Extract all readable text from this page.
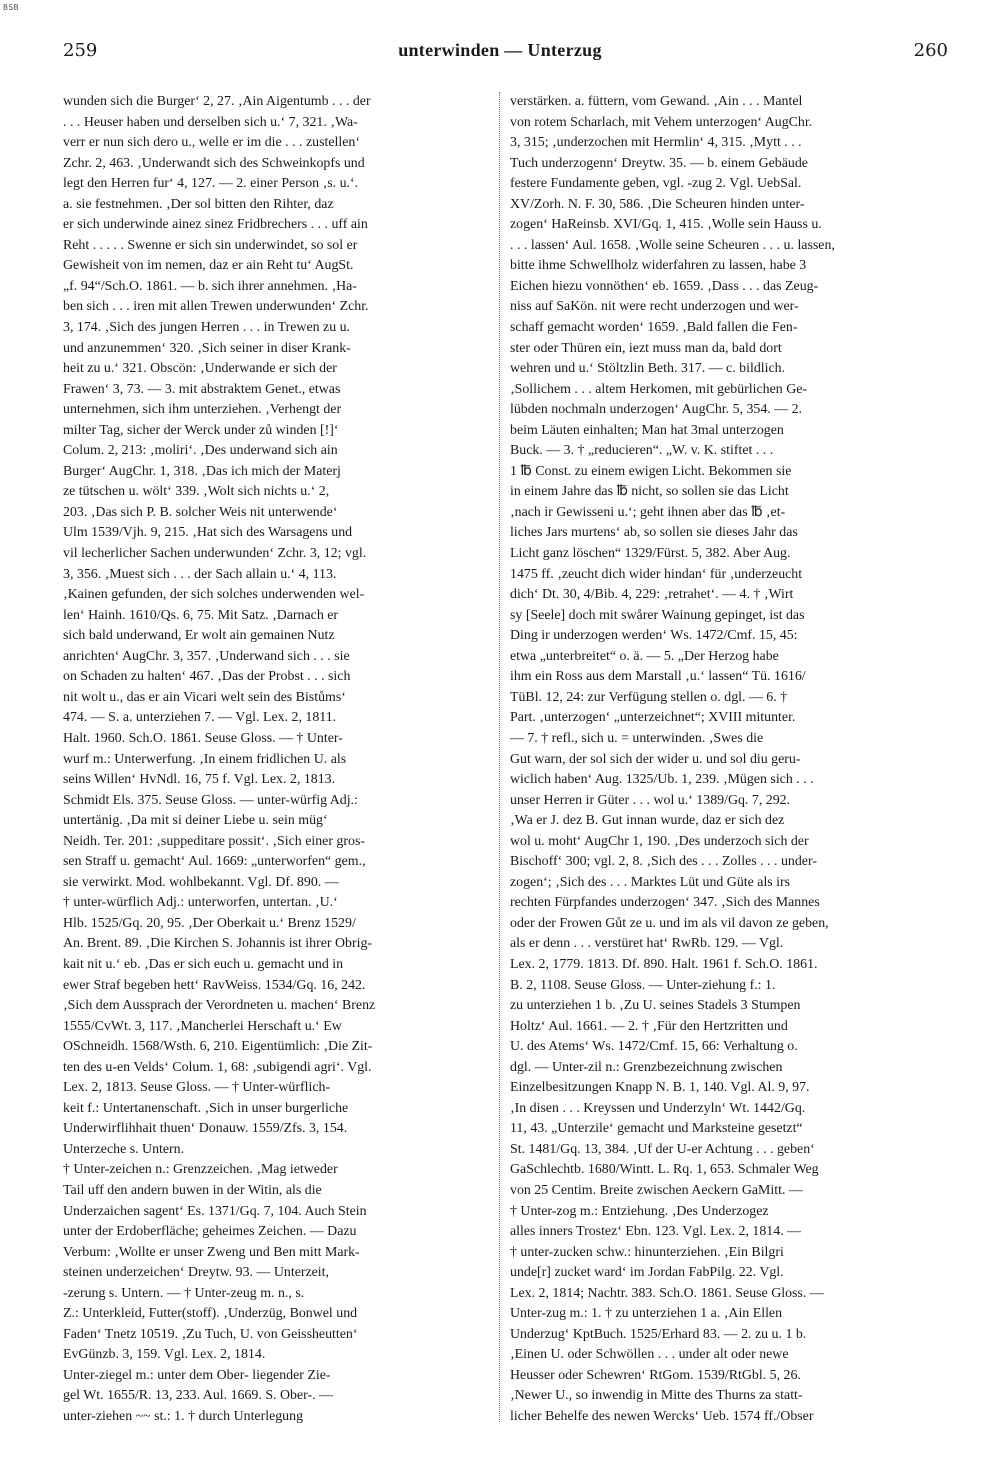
BSB
259	unterwinden — Unterzug	260
wunden sich die Burger‘ 2, 27. ‚Ain Aigentumb . . . der
. . . Heuser haben und derselben sich u.‘ 7, 321. ‚Wa-
verr er nun sich dero u., welle er im die . . . zustellen‘
Zchr. 2, 463. ‚Underwandt sich des Schweinkopfs und
legt den Herren fur‘ 4, 127. — 2. einer Person ‚s. u.‘.
a. sie festnehmen. ‚Der sol bitten den Rihter, daz
er sich underwinde ainez sinez Fridbrechers . . . uff ain
Reht . . . . . Swenne er sich sin underwindet, so sol er
Gewisheit von im nemen, daz er ain Reht tu‘ AugSt.
„f. 94“/Sch.O. 1861. — b. sich ihrer annehmen. ‚Ha-
ben sich . . . iren mit allen Trewen underwunden‘ Zchr.
3, 174. ‚Sich des jungen Herren . . . in Trewen zu u.
und anzunemmen‘ 320. ‚Sich seiner in diser Krank-
heit zu u.‘ 321. Obscön: ‚Underwande er sich der
Frawen‘ 3, 73. — 3. mit abstraktem Genet., etwas
unternehmen, sich ihm unterziehen. ‚Verhengt der
milter Tag, sicher der Werck under zů winden [!]‘
Colum. 2, 213: ‚moliri‘. ‚Des underwand sich ain
Burger‘ AugChr. 1, 318. ‚Das ich mich der Materj
ze tütschen u. wölt‘ 339. ‚Wolt sich nichts u.‘ 2,
203. ‚Das sich P. B. solcher Weis nit unterwende‘
Ulm 1539/Vjh. 9, 215. ‚Hat sich des Warsagens und
vil lecherlicher Sachen underwunden‘ Zchr. 3, 12; vgl.
3, 356. ‚Muest sich . . . der Sach allain u.‘ 4, 113.
‚Kainen gefunden, der sich solches underwenden wel-
len‘ Hainh. 1610/Qs. 6, 75. Mit Satz. ‚Darnach er
sich bald underwand, Er wolt ain gemainen Nutz
anrichten‘ AugChr. 3, 357. ‚Underwand sich . . . sie
on Schaden zu halten‘ 467. ‚Das der Probst . . . sich
nit wolt u., das er ain Vicari welt sein des Bistůms‘
474. — S. a. unterziehen 7. — Vgl. Lex. 2, 1811.
Halt. 1960. Sch.O. 1861. Seuse Gloss. — † Unter-
wurf m.: Unterwerfung. ‚In einem fridlichen U. als
seins Willen‘ HvNdl. 16, 75 f. Vgl. Lex. 2, 1813.
Schmidt Els. 375. Seuse Gloss. — unter-würfig Adj.:
untertänig. ‚Da mit si deiner Liebe u. sein müg‘
Neidh. Ter. 201: ‚suppeditare possit‘. ‚Sich einer gros-
sen Straff u. gemacht‘ Aul. 1669: „unterworfen“ gem.,
sie verwirkt. Mod. wohlbekannt. Vgl. Df. 890. —
† unter-würflich Adj.: unterworfen, untertan. ‚U.‘
Hlb. 1525/Gq. 20, 95. ‚Der Oberkait u.‘ Brenz 1529/
An. Brent. 89. ‚Die Kirchen S. Johannis ist ihrer Obrig-
kait nit u.‘ eb. ‚Das er sich euch u. gemacht und in
ewer Straf begeben hett‘ RavWeiss. 1534/Gq. 16, 242.
‚Sich dem Aussprach der Verordneten u. machen‘ Brenz
1555/CvWt. 3, 117. ‚Mancherlei Herschaft u.‘ Ew
OSchneidh. 1568/Wsth. 6, 210. Eigentümlich: ‚Die Zit-
ten des u-en Velds‘ Colum. 1, 68: ‚subigendi agri‘. Vgl.
Lex. 2, 1813. Seuse Gloss. — † Unter-würflich-
keit f.: Untertanenschaft. ‚Sich in unser burgerliche
Underwirflihhait thuen‘ Donauw. 1559/Zfs. 3, 154.
Unterzeche s. Untern.
† Unter-zeichen n.: Grenzzeichen. ‚Mag ietweder
Tail uff den andern buwen in der Witin, als die
Underzaichen sagent‘ Es. 1371/Gq. 7, 104. Auch Stein
unter der Erdoberfläche; geheimes Zeichen. — Dazu
Verbum: ‚Wollte er unser Zweng und Ben mitt Mark-
steinen underzeichen‘ Dreytw. 93. — Unterzeit,
-zerung s. Untern. — † Unter-zeug m. n., s.
Z.: Unterkleid, Futter(stoff). ‚Underzüg, Bonwel und
Faden‘ Tnetz 10519. ‚Zu Tuch, U. von Geissheutten‘
EvGünzb. 3, 159. Vgl. Lex. 2, 1814.
Unter-ziegel m.: unter dem Ober- liegender Zie-
gel Wt. 1655/R. 13, 233. Aul. 1669. S. Ober-. —
unter-ziehen ~~ st.: 1. † durch Unterlegung
verstärken. a. füttern, vom Gewand. ‚Ain . . . Mantel
von rotem Scharlach, mit Vehem unterzogen‘ AugChr.
3, 315; ‚underzochen mit Hermlin‘ 4, 315. ‚Mytt . . .
Tuch underzogenn‘ Dreytw. 35. — b. einem Gebäude
festere Fundamente geben, vgl. -zug 2. Vgl. UebSal.
XV/Zorh. N. F. 30, 586. ‚Die Scheuren hinden unter-
zogen‘ HaReinsb. XVI/Gq. 1, 415. ‚Wolle sein Hauss u.
. . . lassen‘ Aul. 1658. ‚Wolle seine Scheuren . . . u. lassen,
bitte ihme Schwellholz widerfahren zu lassen, habe 3
Eichen hiezu vonnöthen‘ eb. 1659. ‚Dass . . . das Zeug-
niss auf SaKön. nit were recht underzogen und wer-
schaff gemacht worden‘ 1659. ‚Bald fallen die Fen-
ster oder Thüren ein, iezt muss man da, bald dort
wehren und u.‘ Stöltzlin Beth. 317. — c. bildlich.
‚Sollichem . . . altem Herkomen, mit gebürlichen Ge-
lübden nochmaln underzogen‘ AugChr. 5, 354. — 2.
beim Läuten einhalten; Man hat 3mal unterzogen
Buck. — 3. † „reducieren“. „W. v. K. stiftet . . .
1 ℔ Const. zu einem ewigen Licht. Bekommen sie
in einem Jahre das ℔ nicht, so sollen sie das Licht
‚nach ir Gewisseni u.‘; geht ihnen aber das ℔ ‚et-
liches Jars murtens‘ ab, so sollen sie dieses Jahr das
Licht ganz löschen“ 1329/Fürst. 5, 382. Aber Aug.
1475 ff. ‚zeucht dich wider hindan‘ für ‚underzeucht
dich‘ Dt. 30, 4/Bib. 4, 229: ‚retrahet‘. — 4. † ‚Wirt
sy [Seele] doch mit swårer Wainung gepinget, ist das
Ding ir underzogen werden‘ Ws. 1472/Cmf. 15, 45:
etwa „unterbreitet“ o. ä. — 5. „Der Herzog habe
ihm ein Ross aus dem Marstall ‚u.‘ lassen“ Tü. 1616/
TüBl. 12, 24: zur Verfügung stellen o. dgl. — 6. †
Part. ‚unterzogen‘ „unterzeichnet“; XVIII mitunter.
— 7. † refl., sich u. = unterwinden. ‚Swes die
Gut warn, der sol sich der wider u. und sol diu geru-
wiclich haben‘ Aug. 1325/Ub. 1, 239. ‚Mügen sich . . .
unser Herren ir Güter . . . wol u.‘ 1389/Gq. 7, 292.
‚Wa er J. dez B. Gut innan wurde, daz er sich dez
wol u. moht‘ AugChr 1, 190. ‚Des underzoch sich der
Bischoff‘ 300; vgl. 2, 8. ‚Sich des . . . Zolles . . . under-
zogen‘; ‚Sich des . . . Marktes Lüt und Güte als irs
rechten Fürpfandes underzogen‘ 347. ‚Sich des Mannes
oder der Frowen Gůt ze u. und im als vil davon ze geben,
als er denn . . . verstüret hat‘ RwRb. 129. — Vgl.
Lex. 2, 1779. 1813. Df. 890. Halt. 1961 f. Sch.O. 1861.
B. 2, 1108. Seuse Gloss. — Unter-ziehung f.: 1.
zu unterziehen 1 b. ‚Zu U. seines Stadels 3 Stumpen
Holtz‘ Aul. 1661. — 2. † ‚Für den Hertzritten und
U. des Atems‘ Ws. 1472/Cmf. 15, 66: Verhaltung o.
dgl. — Unter-zil n.: Grenzbezeichnung zwischen
Einzelbesitzungen Knapp N. B. 1, 140. Vgl. Al. 9, 97.
‚In disen . . . Kreyssen und Underzyln‘ Wt. 1442/Gq.
11, 43. „Unterzile‘ gemacht und Marksteine gesetzt“
St. 1481/Gq. 13, 384. ‚Uf der U-er Achtung . . . geben‘
GaSchlechtb. 1680/Wintt. L. Rq. 1, 653. Schmaler Weg
von 25 Centim. Breite zwischen Aeckern GaMitt. —
† Unter-zog m.: Entziehung. ‚Des Underzogez
alles inners Trostez‘ Ebn. 123. Vgl. Lex. 2, 1814. —
† unter-zucken schw.: hinunterziehen. ‚Ein Bilgri
unde[r] zucket ward‘ im Jordan FabPilg. 22. Vgl.
Lex. 2, 1814; Nachtr. 383. Sch.O. 1861. Seuse Gloss. —
Unter-zug m.: 1. † zu unterziehen 1 a. ‚Ain Ellen
Underzug‘ KptBuch. 1525/Erhard 83. — 2. zu u. 1 b.
‚Einen U. oder Schwöllen . . . under alt oder newe
Heusser oder Schewren‘ RtGom. 1539/RtGbl. 5, 26.
‚Newer U., so inwendig in Mitte des Thurns za statt-
licher Behelfe des newen Wercks‘ Ueb. 1574 ff./Obser
